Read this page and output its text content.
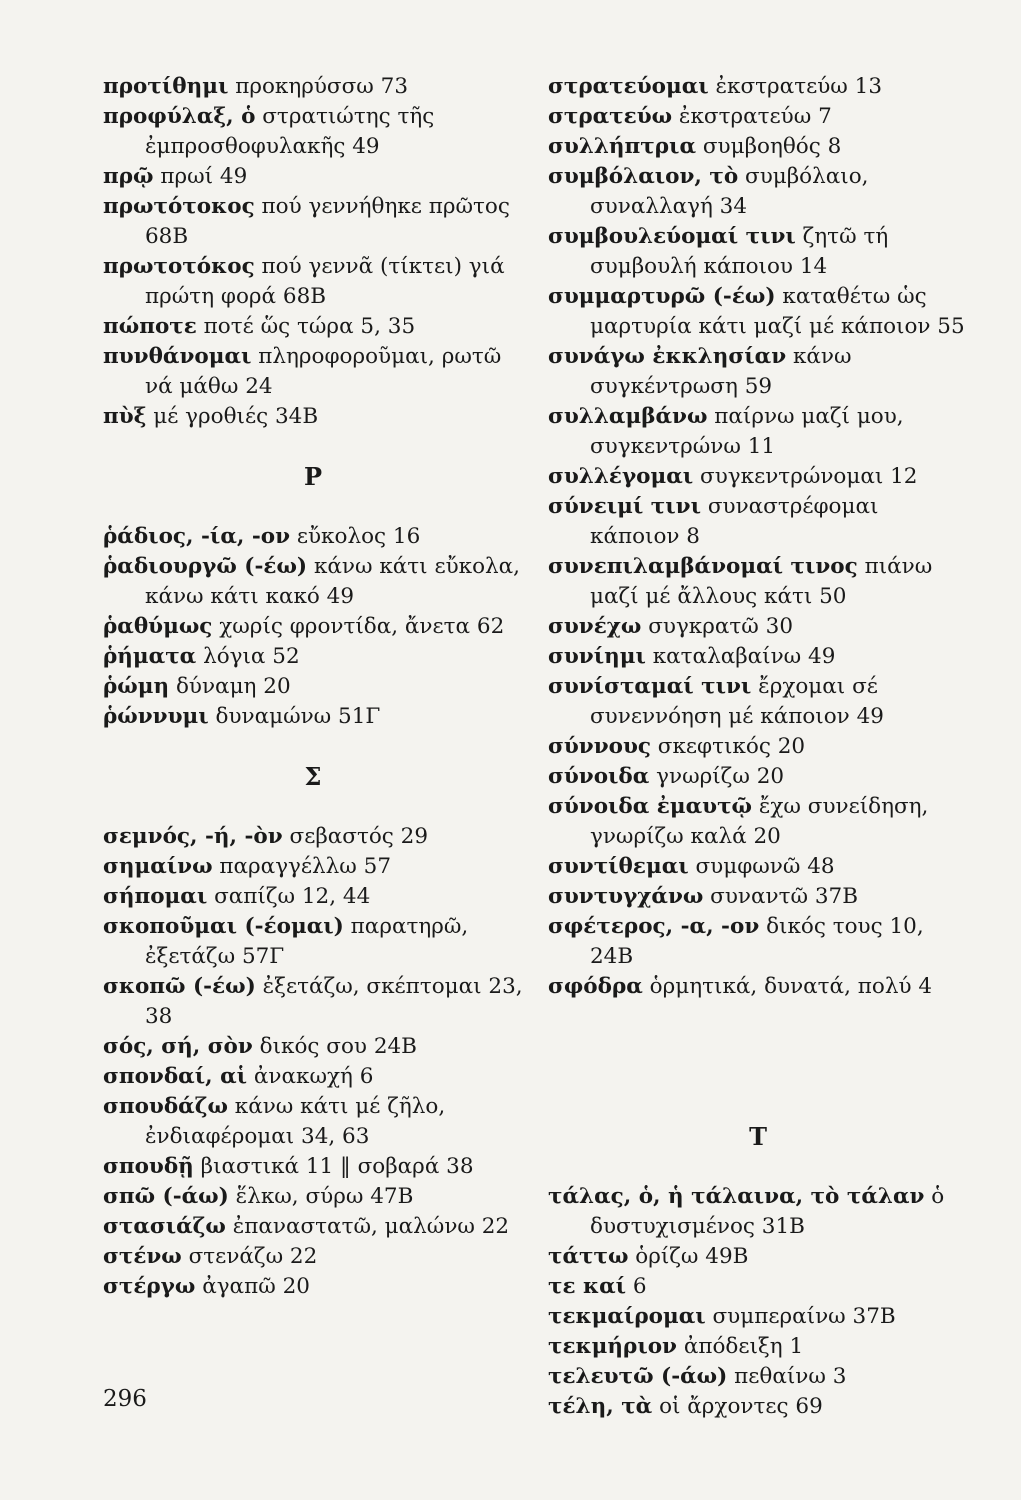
προτίθημι προκηρύσσω 73

προφύλαξ, ὁ στρατιώτης τῆς ἐμπροσθοφυλακῆς 49

πρῷ πρωί 49

πρωτότοκος πού γεννήθηκε πρῶτος 68Β

πρωτοτόκος πού γεννᾶ (τίκτει) γιά πρώτη φορά 68Β

πώποτε ποτέ ὥς τώρα 5, 35

πυνθάνομαι πληροφοροῦμαι, ρωτῶ νά μάθω 24

πὺξ μέ γροθιές 34Β

Ρ

ῥάδιος, -ία, -ον εὔκολος 16

ῥαδιουργῶ (-έω) κάνω κάτι εὔκολα, κάνω κάτι κακό 49

ῥαθύμως χωρίς φροντίδα, ἄνετα 62

ῥήματα λόγια 52

ῥώμη δύναμη 20

ῥώννυμι δυναμώνω 51Γ

Σ

σεμνός, -ή, -ὸν σεβαστός 29

σημαίνω παραγγέλλω 57

σήπομαι σαπίζω 12, 44

σκοποῦμαι (-έομαι) παρατηρῶ, ἐξετάζω 57Γ

σκοπῶ (-έω) ἐξετάζω, σκέπτομαι 23, 38

σός, σή, σὸν δικός σου 24Β

σπονδαί, αἱ ἀνακωχή 6

σπουδάζω κάνω κάτι μέ ζῆλο, ἐνδιαφέρομαι 34, 63

σπουδῇ βιαστικά 11 ‖ σοβαρά 38

σπῶ (-άω) ἕλκω, σύρω 47Β

στασιάζω ἐπαναστατῶ, μαλώνω 22

στένω στενάζω 22

στέργω ἀγαπῶ 20

στρατεύομαι ἐκστρατεύω 13

στρατεύω ἐκστρατεύω 7

συλλήπτρια συμβοηθός 8

συμβόλαιον, τὸ συμβόλαιο, συναλλαγή 34

συμβουλεύομαί τινι ζητῶ τή συμβουλή κάποιου 14

συμμαρτυρῶ (-έω) καταθέτω ὡς μαρτυρία κάτι μαζί μέ κάποιον 55

συνάγω ἐκκλησίαν κάνω συγκέντρωση 59

συλλαμβάνω παίρνω μαζί μου, συγκεντρώνω 11

συλλέγομαι συγκεντρώνομαι 12

σύνειμί τινι συναστρέφομαι κάποιον 8

συνεπιλαμβάνομαί τινος πιάνω μαζί μέ ἄλλους κάτι 50

συνέχω συγκρατῶ 30

συνίημι καταλαβαίνω 49

συνίσταμαί τινι ἔρχομαι σέ συνεννόηση μέ κάποιον 49

σύννους σκεφτικός 20

σύνοιδα γνωρίζω 20

σύνοιδα ἐμαυτῷ ἔχω συνείδηση, γνωρίζω καλά 20

συντίθεμαι συμφωνῶ 48

συντυγχάνω συναντῶ 37Β

σφέτερος, -α, -ον δικός τους 10, 24Β

σφόδρα ὁρμητικά, δυνατά, πολύ 4

Τ

τάλας, ὁ, ἡ τάλαινα, τὸ τάλαν ὁ δυστυχισμένος 31Β

τάττω ὁρίζω 49Β

τε καί 6

τεκμαίρομαι συμπεραίνω 37Β

τεκμήριον ἀπόδειξη 1

τελευτῶ (-άω) πεθαίνω 3

τέλη, τὰ οἱ ἄρχοντες 69

296
